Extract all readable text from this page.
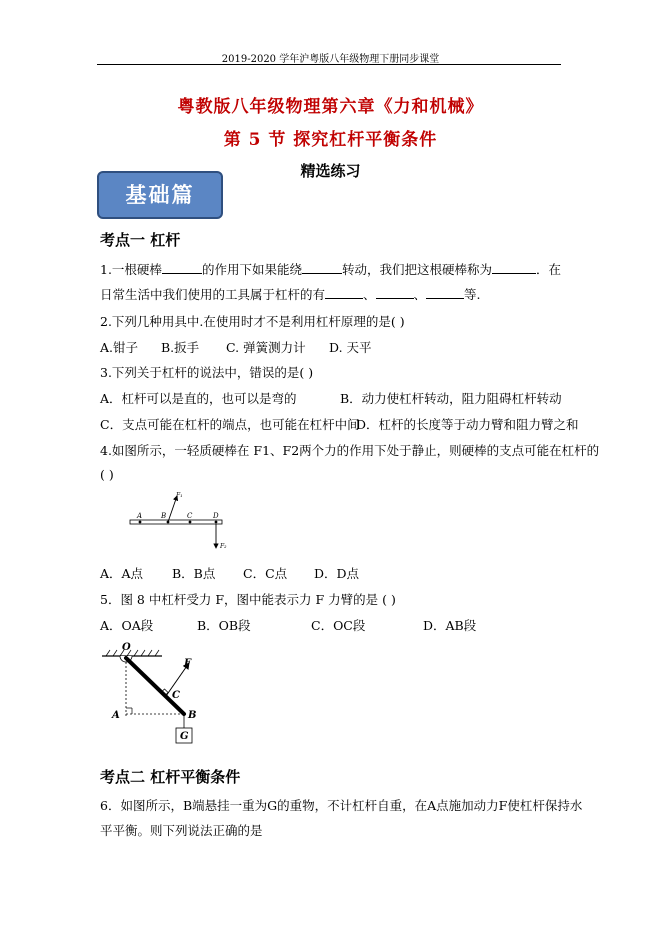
2019-2020 学年沪粤版八年级物理下册同步课堂
粤教版八年级物理第六章《力和机械》
第 5 节 探究杠杆平衡条件
精选练习
基础篇
考点一 杠杆
1.一根硬棒	的作用下如果能绕	转动，我们把这根硬棒称为	．在
日常生活中我们使用的工具属于杠杆的有	、	、	等.
2.下列几种用具中.在使用时才不是利用杠杆原理的是( )
A.钳子 B.扳手 C. 弹簧测力计 D. 天平
3.下列关于杠杆的说法中，错误的是( )
A．杠杆可以是直的，也可以是弯的	B．动力使杠杆转动，阻力阻碍杠杆转动
C．支点可能在杠杆的端点，也可能在杠杆中间
D．杠杆的长度等于动力臂和阻力臂之和
4.如图所示，一轻质硬棒在 F1、F2两个力的作用下处于静止，则硬棒的支点可能在杠杆的
( )
A	B	C	D
F₁
F₂
A．A点 B．B点 C．C点 D．D点
5．图 8 中杠杆受力 F，图中能表示力 F 力臂的是 ( )
A．OA段	B．OB段	C．OC段	D．AB段
O
A	B
C
F
G
考点二 杠杆平衡条件
6．如图所示，B端悬挂一重为G的重物，不计杠杆自重，在A点施加动力F使杠杆保持水
平平衡。则下列说法正确的是
